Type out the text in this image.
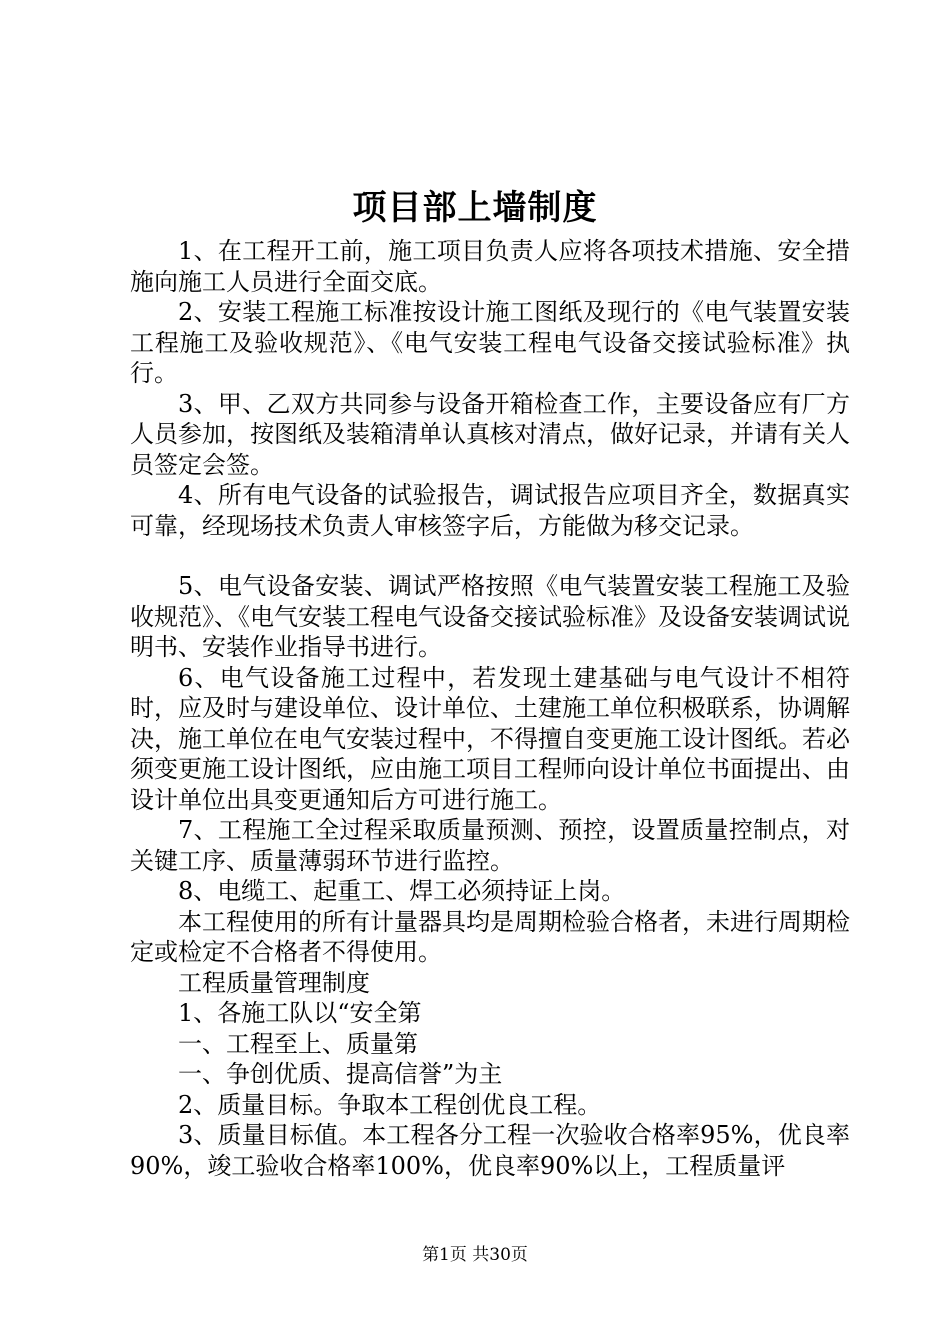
项目部上墙制度

1、在工程开工前，施工项目负责人应将各项技术措施、安全措施向施工人员进行全面交底。

2、安装工程施工标准按设计施工图纸及现行的《电气装置安装工程施工及验收规范》、《电气安装工程电气设备交接试验标准》执行。

3、甲、乙双方共同参与设备开箱检查工作，主要设备应有厂方人员参加，按图纸及装箱清单认真核对清点，做好记录，并请有关人员签定会签。

4、所有电气设备的试验报告，调试报告应项目齐全，数据真实可靠，经现场技术负责人审核签字后，方能做为移交记录。

5、电气设备安装、调试严格按照《电气装置安装工程施工及验收规范》、《电气安装工程电气设备交接试验标准》及设备安装调试说明书、安装作业指导书进行。

6、电气设备施工过程中，若发现土建基础与电气设计不相符时，应及时与建设单位、设计单位、土建施工单位积极联系，协调解决，施工单位在电气安装过程中，不得擅自变更施工设计图纸。若必须变更施工设计图纸，应由施工项目工程师向设计单位书面提出、由设计单位出具变更通知后方可进行施工。

7、工程施工全过程采取质量预测、预控，设置质量控制点，对关键工序、质量薄弱环节进行监控。

8、电缆工、起重工、焊工必须持证上岗。

本工程使用的所有计量器具均是周期检验合格者，未进行周期检定或检定不合格者不得使用。

工程质量管理制度

1、各施工队以“安全第

一、工程至上、质量第

一、争创优质、提高信誉”为主

2、质量目标。争取本工程创优良工程。

3、质量目标值。本工程各分工程一次验收合格率95%，优良率90%，竣工验收合格率100%，优良率90%以上，工程质量评

第1页 共30页
